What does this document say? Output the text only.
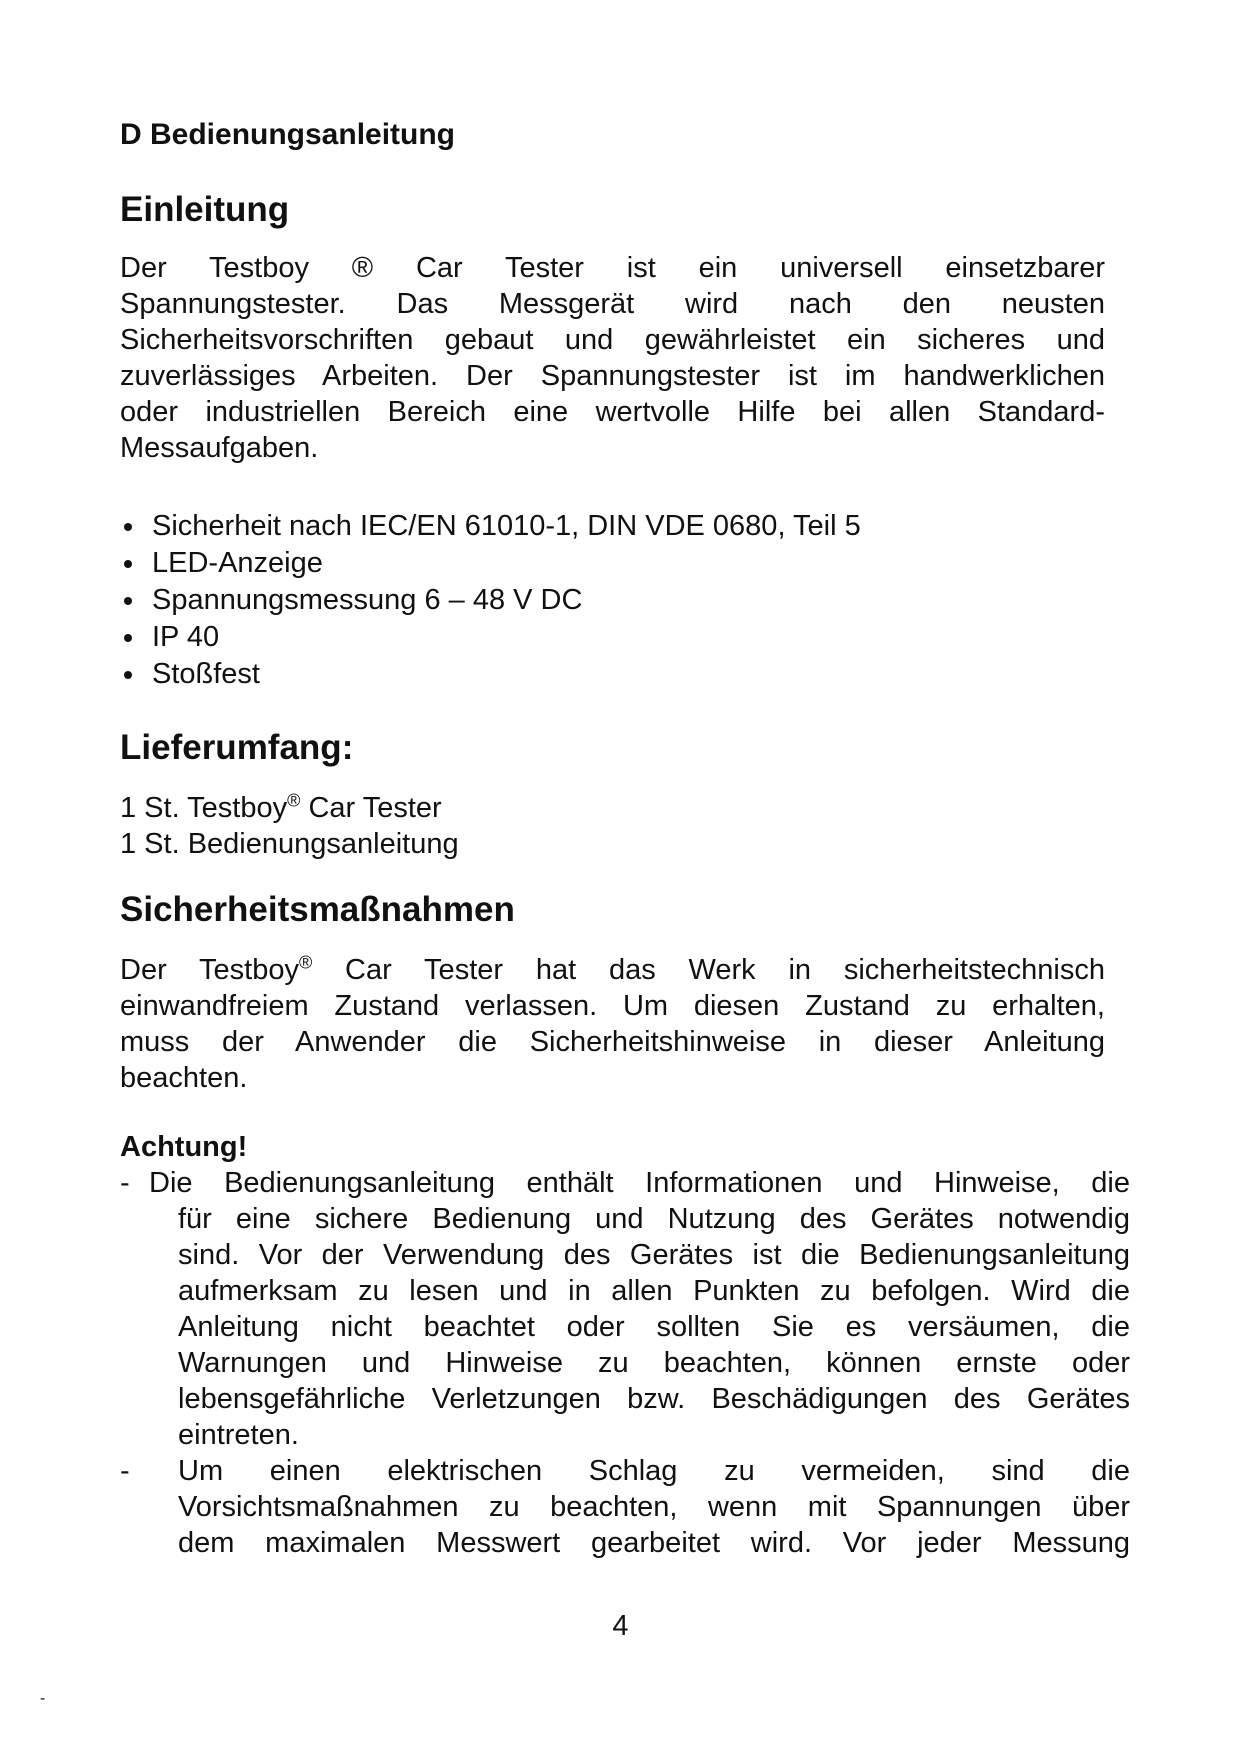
D Bedienungsanleitung
Einleitung
Der Testboy ® Car Tester ist ein universell einsetzbarer
Spannungstester. Das Messgerät wird nach den neusten
Sicherheitsvorschriften gebaut und gewährleistet ein sicheres und
zuverlässiges Arbeiten. Der Spannungstester ist im handwerklichen
oder industriellen Bereich eine wertvolle Hilfe bei allen Standard-
Messaufgaben.
Sicherheit nach IEC/EN 61010-1, DIN VDE 0680, Teil 5
LED-Anzeige
Spannungsmessung 6 – 48 V DC
IP 40
Stoßfest
Lieferumfang:
1 St. Testboy® Car Tester
1 St. Bedienungsanleitung
Sicherheitsmaßnahmen
Der Testboy® Car Tester hat das Werk in sicherheitstechnisch
einwandfreiem Zustand verlassen. Um diesen Zustand zu erhalten,
muss der Anwender die Sicherheitshinweise in dieser Anleitung
beachten.
Achtung!
- Die Bedienungsanleitung enthält Informationen und Hinweise, die
für eine sichere Bedienung und Nutzung des Gerätes notwendig
sind. Vor der Verwendung des Gerätes ist die Bedienungsanleitung
aufmerksam zu lesen und in allen Punkten zu befolgen. Wird die
Anleitung nicht beachtet oder sollten Sie es versäumen, die
Warnungen und Hinweise zu beachten, können ernste oder
lebensgefährliche Verletzungen bzw. Beschädigungen des Gerätes
eintreten.
- Um einen elektrischen Schlag zu vermeiden, sind die
Vorsichtsmaßnahmen zu beachten, wenn mit Spannungen über
dem maximalen Messwert gearbeitet wird. Vor jeder Messung
4
-
